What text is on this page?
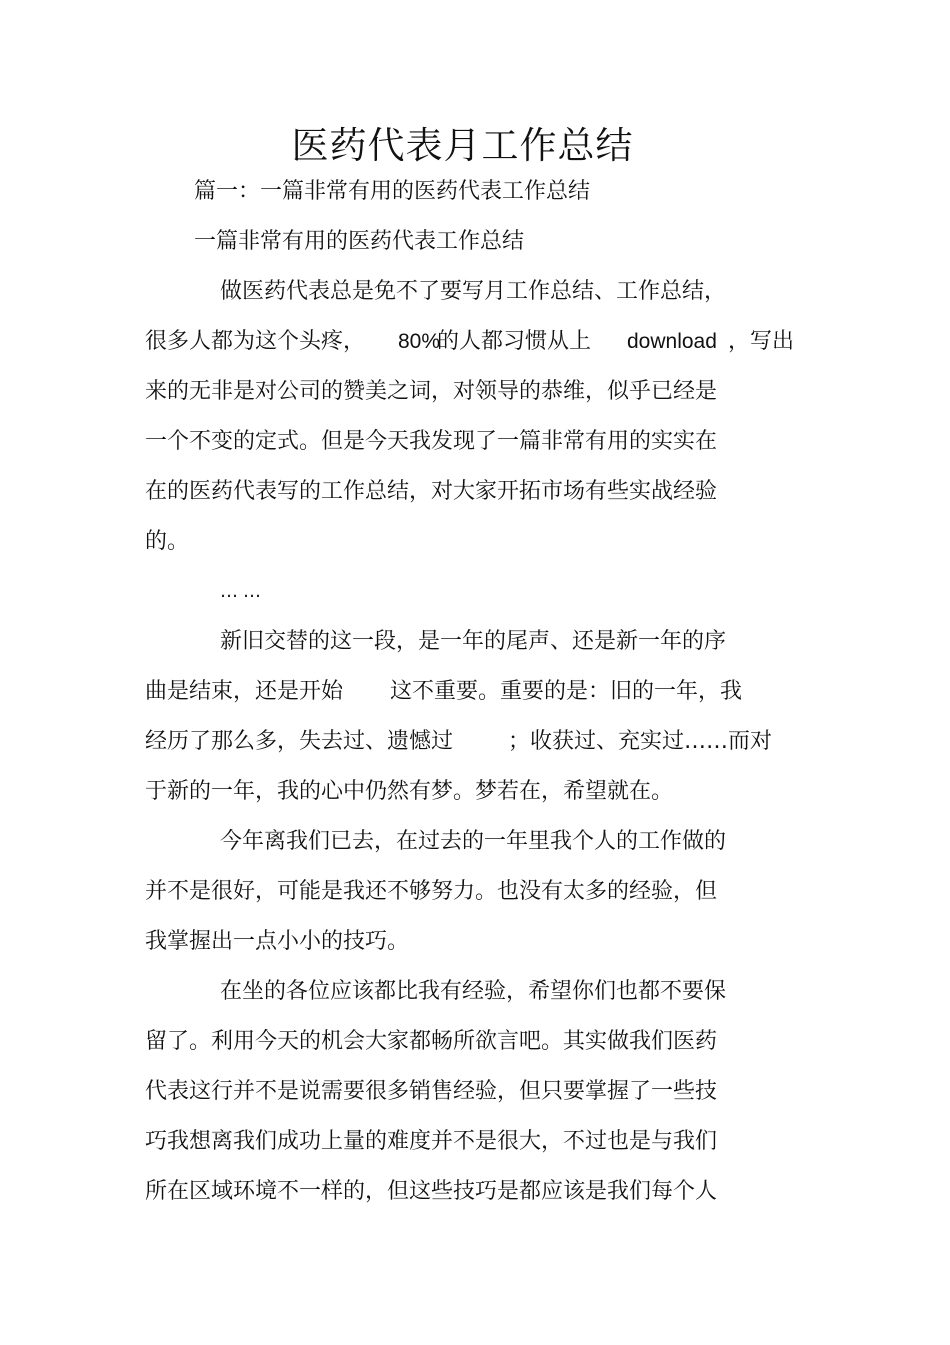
医药代表月工作总结

篇一：一篇非常有用的医药代表工作总结

一篇非常有用的医药代表工作总结

做医药代表总是免不了要写月工作总结、工作总结，

很多人都为这个头疼， 80%
的人都习惯从上 download ，写出

来的无非是对公司的赞美之词，对领导的恭维，似乎已经是

一个不变的定式。但是今天我发现了一篇非常有用的实实在

在的医药代表写的工作总结，对大家开拓市场有些实战经验

的。

……

新旧交替的这一段，是一年的尾声、还是新一年的序

曲是结束，还是开始 这不重要。重要的是：旧的一年，我
经历了那么多，失去过、遗憾过 ；收获过、充实过……而对

于新的一年，我的心中仍然有梦。梦若在，希望就在。

今年离我们已去，在过去的一年里我个人的工作做的

并不是很好，可能是我还不够努力。也没有太多的经验，但

我掌握出一点小小的技巧。

在坐的各位应该都比我有经验，希望你们也都不要保

留了。利用今天的机会大家都畅所欲言吧。其实做我们医药

代表这行并不是说需要很多销售经验，但只要掌握了一些技

巧我想离我们成功上量的难度并不是很大，不过也是与我们

所在区域环境不一样的，但这些技巧是都应该是我们每个人
